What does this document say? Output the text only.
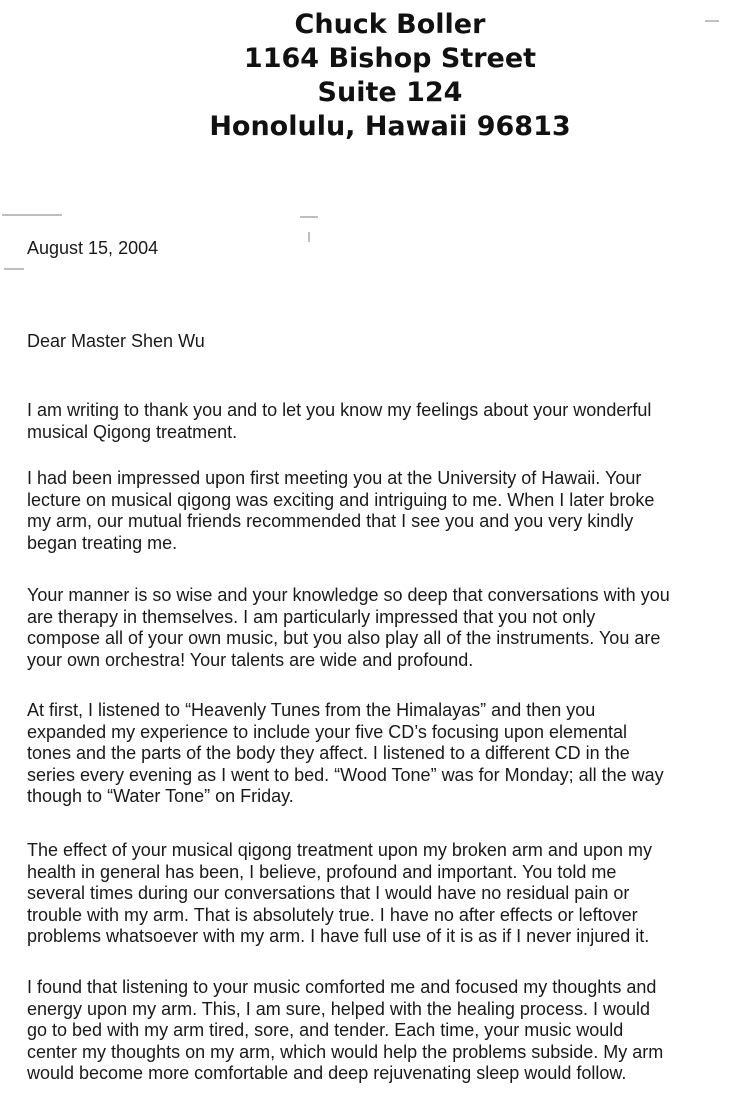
Chuck Boller
1164 Bishop Street
Suite 124
Honolulu, Hawaii 96813
August 15, 2004
Dear Master Shen Wu
I am writing to thank you and to let you know my feelings about your wonderful
musical Qigong treatment.
I had been impressed upon first meeting you at the University of Hawaii. Your
lecture on musical qigong was exciting and intriguing to me. When I later broke
my arm, our mutual friends recommended that I see you and you very kindly
began treating me.
Your manner is so wise and your knowledge so deep that conversations with you
are therapy in themselves. I am particularly impressed that you not only
compose all of your own music, but you also play all of the instruments. You are
your own orchestra! Your talents are wide and profound.
At first, I listened to “Heavenly Tunes from the Himalayas” and then you
expanded my experience to include your five CD’s focusing upon elemental
tones and the parts of the body they affect. I listened to a different CD in the
series every evening as I went to bed. “Wood Tone” was for Monday; all the way
though to “Water Tone” on Friday.
The effect of your musical qigong treatment upon my broken arm and upon my
health in general has been, I believe, profound and important. You told me
several times during our conversations that I would have no residual pain or
trouble with my arm. That is absolutely true. I have no after effects or leftover
problems whatsoever with my arm. I have full use of it is as if I never injured it.
I found that listening to your music comforted me and focused my thoughts and
energy upon my arm. This, I am sure, helped with the healing process. I would
go to bed with my arm tired, sore, and tender. Each time, your music would
center my thoughts on my arm, which would help the problems subside. My arm
would become more comfortable and deep rejuvenating sleep would follow.
